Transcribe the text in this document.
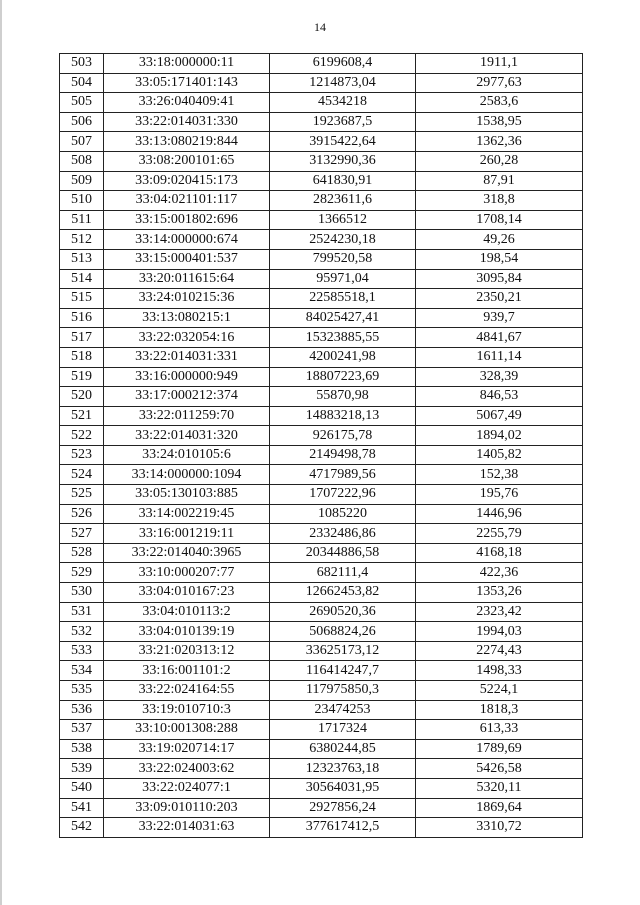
14
503	33:18:000000:11	6199608,4	1911,1
504	33:05:171401:143	1214873,04	2977,63
505	33:26:040409:41	4534218	2583,6
506	33:22:014031:330	1923687,5	1538,95
507	33:13:080219:844	3915422,64	1362,36
508	33:08:200101:65	3132990,36	260,28
509	33:09:020415:173	641830,91	87,91
510	33:04:021101:117	2823611,6	318,8
511	33:15:001802:696	1366512	1708,14
512	33:14:000000:674	2524230,18	49,26
513	33:15:000401:537	799520,58	198,54
514	33:20:011615:64	95971,04	3095,84
515	33:24:010215:36	22585518,1	2350,21
516	33:13:080215:1	84025427,41	939,7
517	33:22:032054:16	15323885,55	4841,67
518	33:22:014031:331	4200241,98	1611,14
519	33:16:000000:949	18807223,69	328,39
520	33:17:000212:374	55870,98	846,53
521	33:22:011259:70	14883218,13	5067,49
522	33:22:014031:320	926175,78	1894,02
523	33:24:010105:6	2149498,78	1405,82
524	33:14:000000:1094	4717989,56	152,38
525	33:05:130103:885	1707222,96	195,76
526	33:14:002219:45	1085220	1446,96
527	33:16:001219:11	2332486,86	2255,79
528	33:22:014040:3965	20344886,58	4168,18
529	33:10:000207:77	682111,4	422,36
530	33:04:010167:23	12662453,82	1353,26
531	33:04:010113:2	2690520,36	2323,42
532	33:04:010139:19	5068824,26	1994,03
533	33:21:020313:12	33625173,12	2274,43
534	33:16:001101:2	116414247,7	1498,33
535	33:22:024164:55	117975850,3	5224,1
536	33:19:010710:3	23474253	1818,3
537	33:10:001308:288	1717324	613,33
538	33:19:020714:17	6380244,85	1789,69
539	33:22:024003:62	12323763,18	5426,58
540	33:22:024077:1	30564031,95	5320,11
541	33:09:010110:203	2927856,24	1869,64
542	33:22:014031:63	377617412,5	3310,72
